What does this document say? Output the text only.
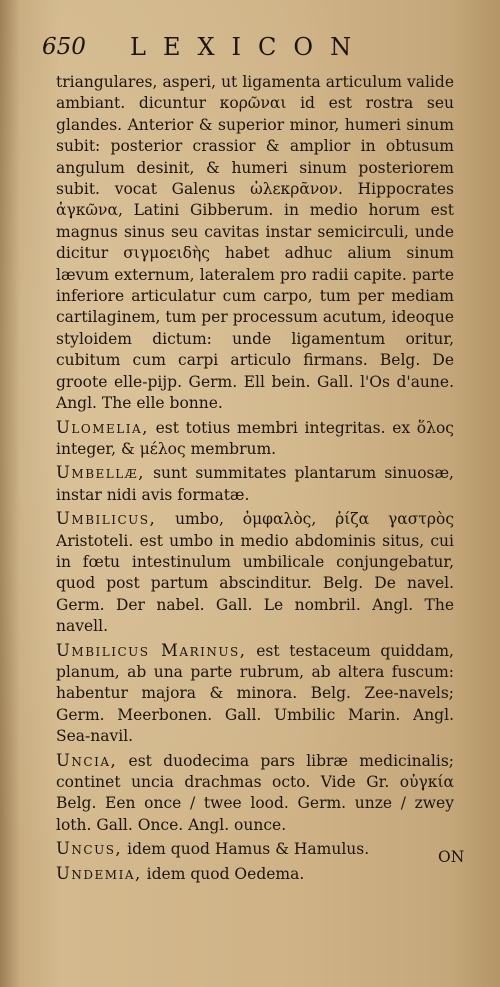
650 LEXICON

triangulares, asperi, ut ligamenta articulum valide ambiant. dicuntur κορῶναι id est rostra seu glandes. Anterior & superior minor, humeri sinum subit: posterior crassior & amplior in obtusum angulum desinit, & humeri sinum posteriorem subit. vocat Galenus ὠλεκρᾶνον. Hippocrates ἀγκῶνα, Latini Gibberum. in medio horum est magnus sinus seu cavitas instar semicirculi, unde dicitur σιγμοειδὴς habet adhuc alium sinum lævum externum, lateralem pro radii capite. parte inferiore articulatur cum carpo, tum per mediam cartilaginem, tum per processum acutum, ideoque styloidem dictum: unde ligamentum oritur, cubitum cum carpi articulo firmans. Belg. De groote elle-pijp. Germ. Ell bein. Gall. l'Os d'aune. Angl. The elle bonne.

Ulomelia, est totius membri integritas. ex ὅλος integer, & μέλος membrum.

Umbellæ, sunt summitates plantarum sinuosæ, instar nidi avis formatæ.

Umbilicus, umbo, ὀμφαλὸς, ῥίζα γαστρὸς Aristoteli. est umbo in medio abdominis situs, cui in fœtu intestinulum umbilicale conjungebatur, quod post partum abscinditur. Belg. De navel. Germ. Der nabel. Gall. Le nombril. Angl. The navell.

Umbilicus Marinus, est testaceum quiddam, planum, ab una parte rubrum, ab altera fuscum: habentur majora & minora. Belg. Zee-navels; Germ. Meerbonen. Gall. Umbilic Marin. Angl. Sea-navil.

Uncia, est duodecima pars libræ medicinalis; continet uncia drachmas octo. Vide Gr. οὐγκία Belg. Een once / twee lood. Germ. unze / zwey loth. Gall. Once. Angl. ounce.

Uncus, idem quod Hamus & Hamulus.

Undemia, idem quod Oedema.

ON
